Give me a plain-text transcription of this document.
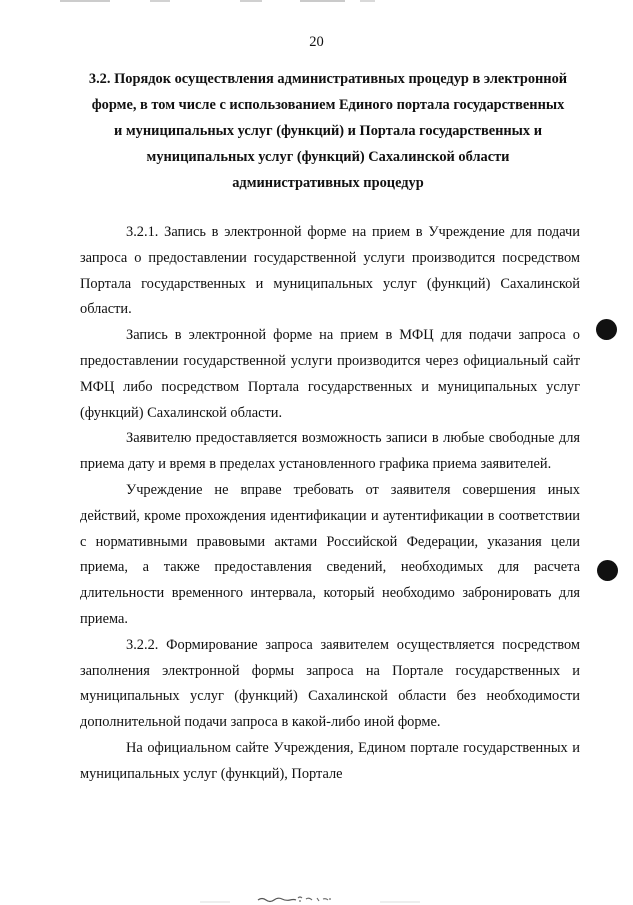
20
3.2. Порядок осуществления административных процедур в электронной форме, в том числе с использованием Единого портала государственных и муниципальных услуг (функций) и Портала государственных и муниципальных услуг (функций) Сахалинской области административных процедур

3.2.1. Запись в электронной форме на прием в Учреждение для подачи запроса о предоставлении государственной услуги производится посредством Портала государственных и муниципальных услуг (функций) Сахалинской области.

Запись в электронной форме на прием в МФЦ для подачи запроса о предоставлении государственной услуги производится через официальный сайт МФЦ либо посредством Портала государственных и муниципальных услуг (функций) Сахалинской области.

Заявителю предоставляется возможность записи в любые свободные для приема дату и время в пределах установленного графика приема заявителей.

Учреждение не вправе требовать от заявителя совершения иных действий, кроме прохождения идентификации и аутентификации в соответствии с нормативными правовыми актами Российской Федерации, указания цели приема, а также предоставления сведений, необходимых для расчета длительности временного интервала, который необходимо забронировать для приема.

3.2.2. Формирование запроса заявителем осуществляется посредством заполнения электронной формы запроса на Портале государственных и муниципальных услуг (функций) Сахалинской области без необходимости дополнительной подачи запроса в какой-либо иной форме.

На официальном сайте Учреждения, Едином портале государственных и муниципальных услуг (функций), Портале
